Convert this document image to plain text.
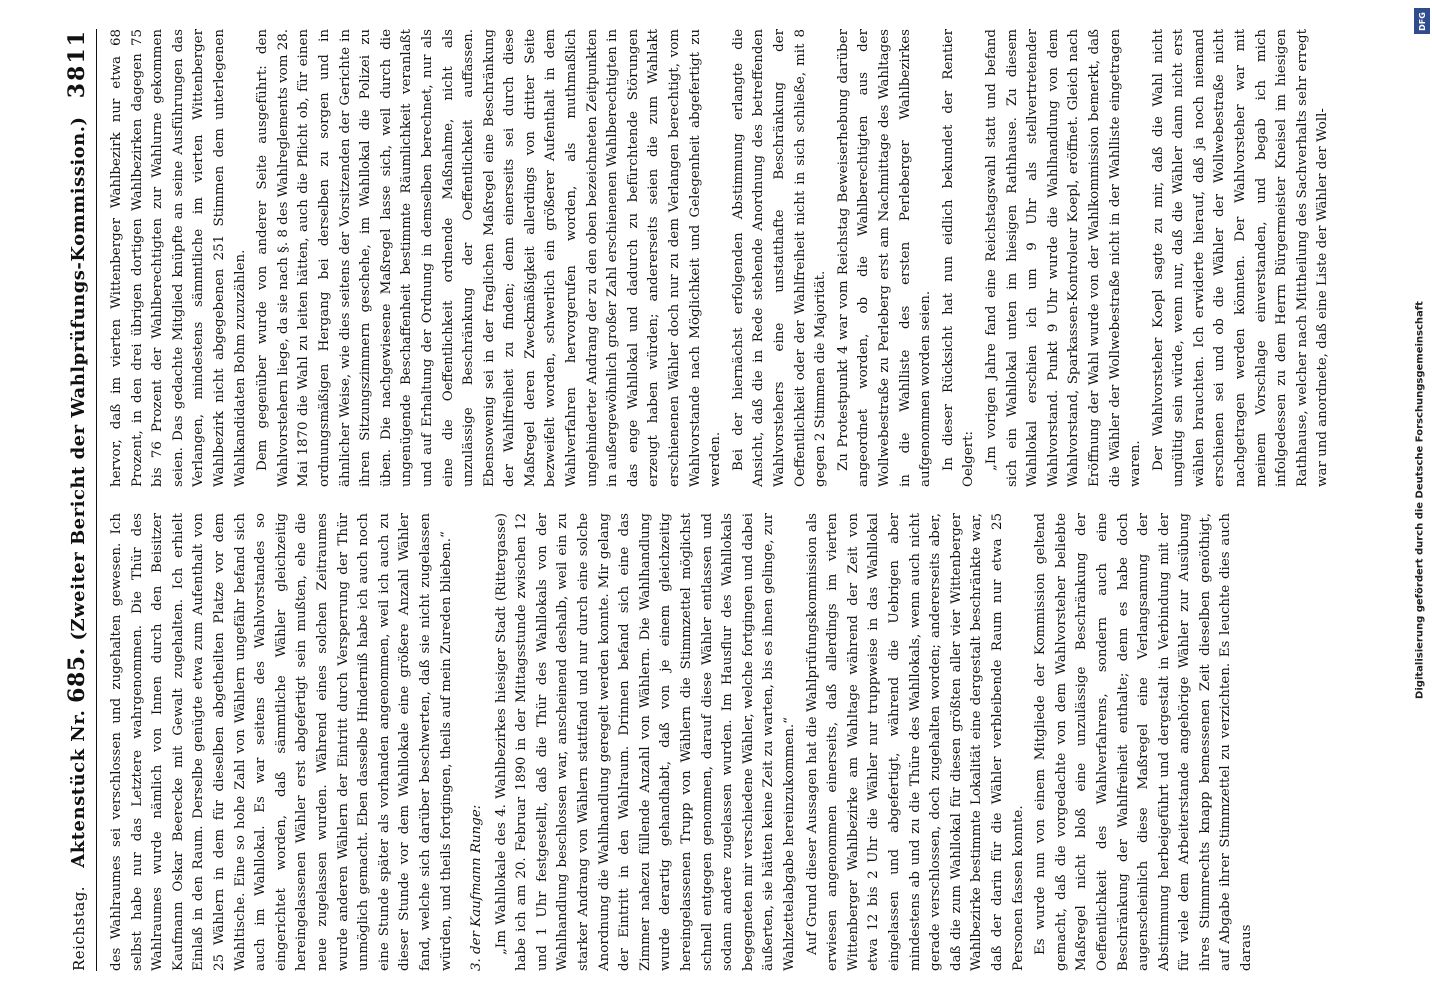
Reichstag.
Aktenstück Nr. 685. (Zweiter Bericht der Wahlprüfungs-Kommission.)
3811

des Wahlraumes sei verschlossen und zugehalten gewesen. Ich selbst habe nur das Letztere wahrgenommen. Die Thür des Wahlraumes wurde nämlich von Innen durch den Beisitzer Kaufmann Oskar Beerecke mit Gewalt zugehalten. Ich erhielt Einlaß in den Raum. Derselbe genügte etwa zum Aufenthalt von 25 Wählern in dem für dieselben abgetheilten Platze vor dem Wahltische. Eine so hohe Zahl von Wählern ungefähr befand sich auch im Wahllokal. Es war seitens des Wahlvorstandes so eingerichtet worden, daß sämmtliche Wähler gleichzeitig hereingelassenen Wähler erst abgefertigt sein mußten, ehe die neue zugelassen wurden. Während eines solchen Zeitraumes wurde anderen Wählern der Eintritt durch Versperrung der Thür unmöglich gemacht. Eben dasselbe Hinderniß habe ich auch noch eine Stunde später als vorhanden angenommen, weil ich auch zu dieser Stunde vor dem Wahllokale eine größere Anzahl Wähler fand, welche sich darüber beschwerten, daß sie nicht zugelassen würden, und theils fortgingen, theils auf mein Zureden blieben.“ 3. der Kaufmann Runge: „Im Wahllokale des 4. Wahlbezirkes hiesiger Stadt (Rittergasse) habe ich am 20. Februar 1890 in der Mittagsstunde zwischen 12 und 1 Uhr festgestellt, daß die Thür des Wahllokals von der Wahlhandlung beschlossen war, anscheinend deshalb, weil ein zu starker Andrang von Wählern stattfand und nur durch eine solche Anordnung die Wahlhandlung geregelt werden konnte. Mir gelang der Eintritt in den Wahlraum. Drinnen befand sich eine das Zimmer nahezu füllende Anzahl von Wählern. Die Wahlhandlung wurde derartig gehandhabt, daß von je einem gleichzeitig hereingelassenen Trupp von Wählern die Stimmzettel möglichst schnell entgegen genommen, darauf diese Wähler entlassen und sodann andere zugelassen wurden. Im Hausflur des Wahllokals begegneten mir verschiedene Wähler, welche fortgingen und dabei äußerten, sie hätten keine Zeit zu warten, bis es ihnen gelinge, zur Wahlzettelabgabe hereinzukommen.“ Auf Grund dieser Aussagen hat die Wahlprüfungskommission als erwiesen angenommen einerseits, daß allerdings im vierten Wittenberger Wahlbezirke am Wahltage während der Zeit von etwa 12 bis 2 Uhr die Wähler nur truppweise in das Wahllokal eingelassen und abgefertigt, während die Uebrigen aber mindestens ab und zu die Thüre des Wahllokals, wenn auch nicht gerade verschlossen, doch zugehalten worden; andererseits aber, daß die zum Wahllokal für diesen größten aller vier Wittenberger Wahlbezirke bestimmte Lokalität eine dergestalt beschränkte war, daß der darin für die Wähler verbleibende Raum nur etwa 25 Personen fassen konnte. Es wurde nun von einem Mitgliede der Kommission geltend gemacht, daß die vorgedachte von dem Wahlvorsteher beliebte Maßregel nicht bloß eine unzulässige Beschränkung der Oeffentlichkeit des Wahlverfahrens, sondern auch eine Beschränkung der Wahlfreiheit enthalte; denn es habe doch augenscheinlich diese Maßregel eine Verlangsamung der Abstimmung herbeigeführt und dergestalt in Verbindung mit der für viele dem Arbeiterstande angehörige Wähler zur Ausübung ihres Stimmrechts knapp bemessenen Zeit dieselben genöthigt, auf Abgabe ihrer Stimmzettel zu verzichten. Es leuchte dies auch daraus

hervor, daß im vierten Wittenberger Wahlbezirk nur etwa 68 Prozent, in den drei übrigen dortigen Wahlbezirken dagegen 75 bis 76 Prozent der Wahlberechtigten zur Wahlurne gekommen seien. Das gedachte Mitglied knüpfte an seine Ausführungen das Verlangen, mindestens sämmtliche im vierten Wittenberger Wahlbezirk nicht abgegebenen 251 Stimmen dem unterlegenen Wahlkandidaten Bohm zuzuzählen. Dem gegenüber wurde von anderer Seite ausgeführt: den Wahlvorstehern liege, da sie nach §. 8 des Wahlreglements vom 28. Mai 1870 die Wahl zu leiten hätten, auch die Pflicht ob, für einen ordnungsmäßigen Hergang bei derselben zu sorgen und in ähnlicher Weise, wie dies seitens der Vorsitzenden der Gerichte in ihren Sitzungszimmern geschehe, im Wahllokal die Polizei zu üben. Die nachgewiesene Maßregel lasse sich, weil durch die ungenügende Beschaffenheit bestimmte Räumlichkeit veranlaßt und auf Erhaltung der Ordnung in demselben berechnet, nur als eine die Oeffentlichkeit ordnende Maßnahme, nicht als unzulässige Beschränkung der Oeffentlichkeit auffassen. Ebensowenig sei in der fraglichen Maßregel eine Beschränkung der Wahlfreiheit zu finden; denn einerseits sei durch diese Maßregel deren Zweckmäßigkeit allerdings von dritter Seite bezweifelt worden, schwerlich ein größerer Aufenthalt in dem Wahlverfahren hervorgerufen worden, als muthmaßlich ungehinderter Andrang der zu den oben bezeichneten Zeitpunkten in außergewöhnlich großer Zahl erschienenen Wahlberechtigten in das enge Wahllokal und dadurch zu befürchtende Störungen erzeugt haben würden; andererseits seien die zum Wahlakt erschienenen Wähler doch nur zu dem Verlangen berechtigt, vom Wahlvorstande nach Möglichkeit und Gelegenheit abgefertigt zu werden. Bei der hiernächst erfolgenden Abstimmung erlangte die Ansicht, daß die in Rede stehende Anordnung des betreffenden Wahlvorstehers eine unstatthafte Beschränkung der Oeffentlichkeit oder der Wahlfreiheit nicht in sich schließe, mit 8 gegen 2 Stimmen die Majorität. Zu Protestpunkt 4 war vom Reichstag Beweiserhebung darüber angeordnet worden, ob die Wahlberechtigten aus der Wollwebestraße zu Perleberg erst am Nachmittage des Wahltages in die Wahlliste des ersten Perleberger Wahlbezirkes aufgenommen worden seien. In dieser Rücksicht hat nun eidlich bekundet der Rentier Oelgert: „Im vorigen Jahre fand eine Reichstagswahl statt und befand sich ein Wahllokal unten im hiesigen Rathhause. Zu diesem Wahllokal erschien ich um 9 Uhr als stellvertretender Wahlvorstand. Punkt 9 Uhr wurde die Wahlhandlung von dem Wahlvorstand, Sparkassen-Kontroleur Koepl, eröffnet. Gleich nach Eröffnung der Wahl wurde von der Wahlkommission bemerkt, daß die Wähler der Wollwebestraße nicht in der Wahlliste eingetragen waren. Der Wahlvorsteher Koepl sagte zu mir, daß die Wahl nicht ungültig sein würde, wenn nur, daß die Wähler dann nicht erst wählen brauchten. Ich erwiderte hierauf, daß ja noch niemand erschienen sei und ob die Wähler der Wollwebestraße nicht nachgetragen werden könnten. Der Wahlvorsteher war mit meinem Vorschlage einverstanden, und begab ich mich infolgedessen zu dem Herrn Bürgermeister Kneisel im hiesigen Rathhause, welcher nach Mittheilung des Sachverhalts sehr erregt war und anordnete, daß eine Liste der Wähler der Woll-

Digitalisierung gefördert durch die Deutsche Forschungsgemeinschaft
DFG
